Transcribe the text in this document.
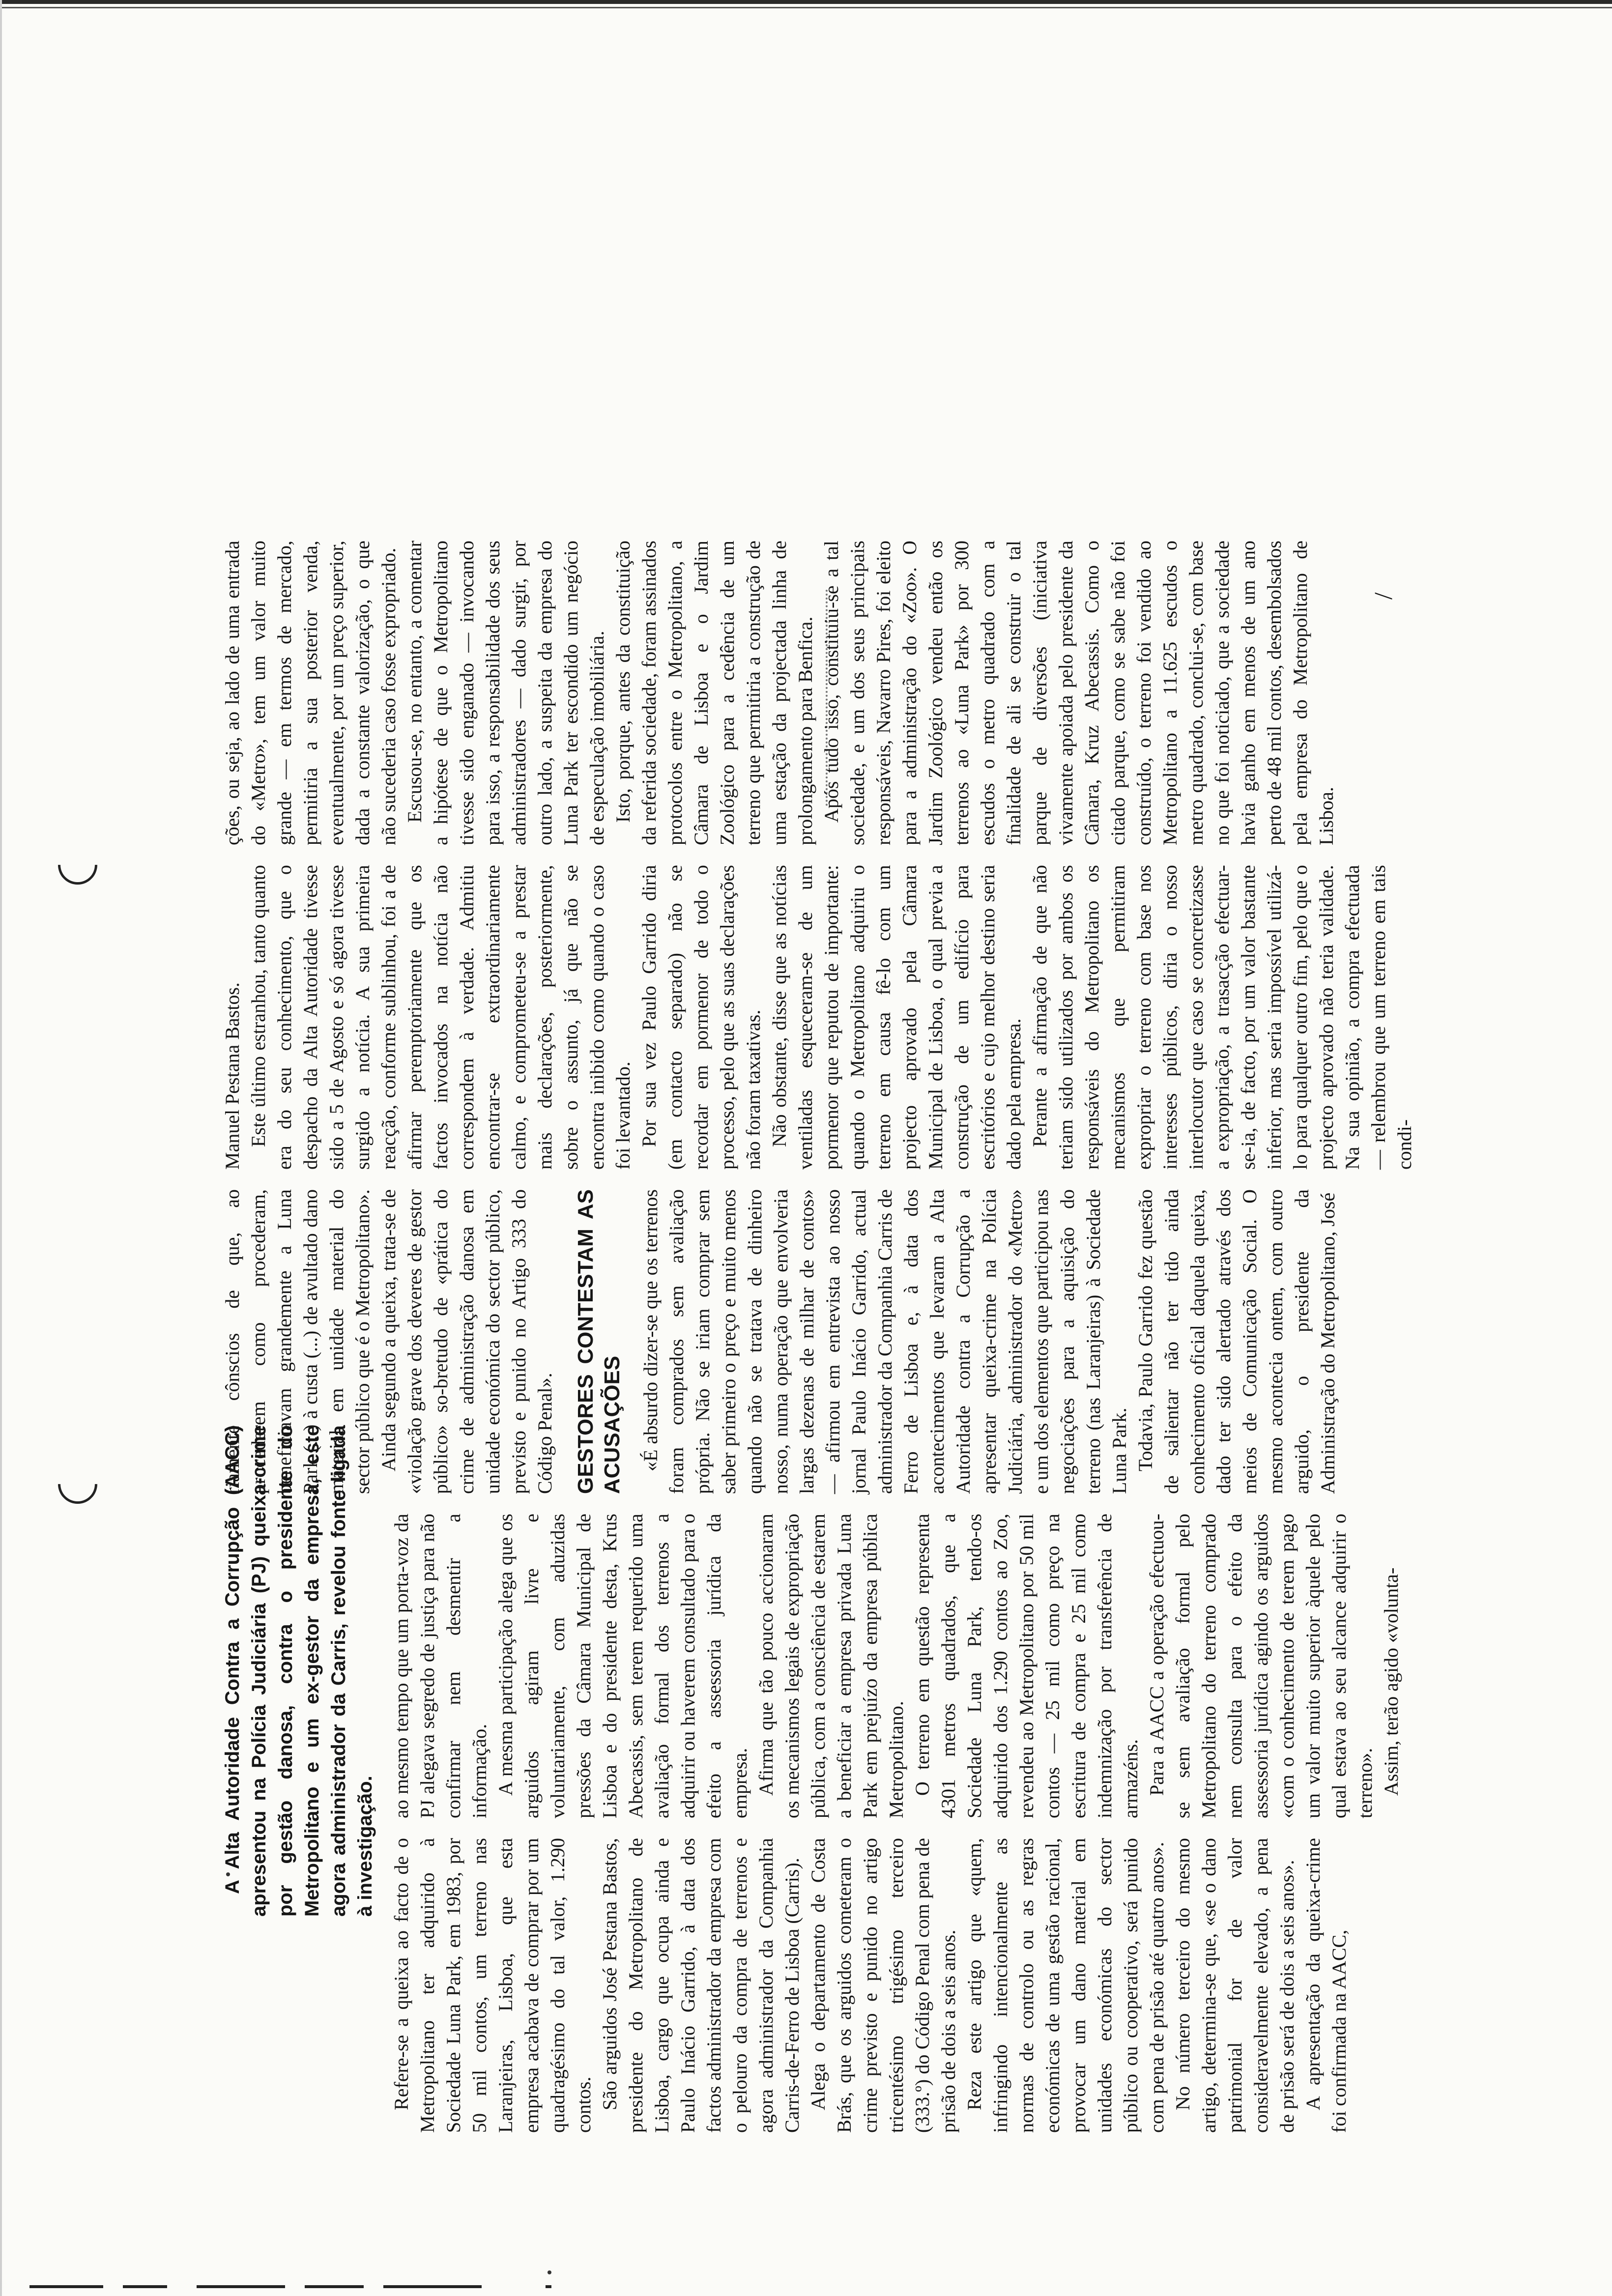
A Alta Autoridade Contra a Corrupção (AACC) apresentou na Polícia Judiciária (PJ) queixa-crime por gestão danosa, contra o presidente do Metropolitano e um ex-gestor da empresa, este agora administrador da Carris, revelou fonte ligada à investigação. Refere-se a queixa ao facto de o Metropolitano ter adquirido à Sociedade Luna Park, em 1983, por 50 mil contos, um terreno nas Laranjeiras, Lisboa, que esta empresa acabava de comprar por um quadragésimo do tal valor, 1.290 contos. São arguidos José Pestana Bastos, presidente do Metropolitano de Lisboa, cargo que ocupa ainda e Paulo Inácio Garrido, à data dos factos administrador da empresa com o pelouro da compra de terrenos e agora administrador da Companhia Carris-de-Ferro de Lisboa (Carris). Alega o departamento de Costa Brás, que os arguidos cometeram o crime previsto e punido no artigo tricentésimo trigésimo terceiro (333.º) do Código Penal com pena de prisão de dois a seis anos. Reza este artigo que «quem, infringindo intencionalmente as normas de controlo ou as regras económicas de uma gestão racional, provocar um dano material em unidades económicas do sector público ou cooperativo, será punido com pena de prisão até quatro anos». No número terceiro do mesmo artigo, determina-se que, «se o dano patrimonial for de valor consideravelmente elevado, a pena de prisão será de dois a seis anos». A apresentação da queixa-crime foi confirmada na AACC,

ao mesmo tempo que um porta-voz da PJ alegava segredo de justiça para não confirmar nem desmentir a informação. A mesma participação alega que os arguidos agiram livre e voluntariamente, com aduzidas pressões da Câmara Municipal de Lisboa e do presidente desta, Krus Abecassis, sem terem requerido uma avaliação formal dos terrenos a adquirir ou haverem consultado para o efeito a assessoria jurídica da empresa. Afirma que tão pouco accionaram os mecanismos legais de expropriação pública, com a consciência de estarem a beneficiar a empresa privada Luna Park em prejuízo da empresa pública Metropolitano. O terreno em questão representa 4301 metros quadrados, que a Sociedade Luna Park, tendo-os adquirido dos 1.290 contos ao Zoo, revendeu ao Metropolitano por 50 mil contos — 25 mil como preço na escritura de compra e 25 mil como indemnização por transferência de armazéns. Para a AACC a operação efectuou-se sem avaliação formal pelo Metropolitano do terreno comprado nem consulta para o efeito da assessoria jurídica agindo os arguidos «com o conhecimento de terem pago um valor muito superior àquele pelo qual estava ao seu alcance adquirir o terreno». Assim, terão agido «volunta-

riamente cônscios de que, ao procederem como procederam, beneficiavam grandemente a Luna Park (...) à custa (...) de avultado dano material em unidade material do sector público que é o Metropolitano». Ainda segundo a queixa, trata-se de «violação grave dos deveres de gestor público» so-bretudo de «prática do crime de administração danosa em unidade económica do sector público, previsto e punido no Artigo 333 do Código Penal». GESTORES CONTESTAM AS ACUSAÇÕES «É absurdo dizer-se que os terrenos foram comprados sem avaliação própria. Não se iriam comprar sem saber primeiro o preço e muito menos quando não se tratava de dinheiro nosso, numa operação que envolveria largas dezenas de milhar de contos» — afirmou em entrevista ao nosso jornal Paulo Inácio Garrido, actual administrador da Companhia Carris de Ferro de Lisboa e, à data dos acontecimentos que levaram a Alta Autoridade contra a Corrupção a apresentar queixa-crime na Polícia Judiciária, administrador do «Metro» e um dos elementos que participou nas negociações para a aquisição do terreno (nas Laranjeiras) à Sociedade Luna Park. Todavia, Paulo Garrido fez questão de salientar não ter tido ainda conhecimento oficial daquela queixa, dado ter sido alertado através dos meios de Comunicação Social. O mesmo acontecia ontem, com outro arguido, o presidente da Administração do Metropolitano, José

Manuel Pestana Bastos. Este último estranhou, tanto quanto era do seu conhecimento, que o despacho da Alta Autoridade tivesse sido a 5 de Agosto e só agora tivesse surgido a notícia. A sua primeira reacção, conforme sublinhou, foi a de afirmar peremptoriamente que os factos invocados na notícia não correspondem à verdade. Admitiu encontrar-se extraordinariamente calmo, e comprometeu-se a prestar mais declarações, posteriormente, sobre o assunto, já que não se encontra inibido como quando o caso foi levantado. Por sua vez Paulo Garrido diria (em contacto separado) não se recordar em pormenor de todo o processo, pelo que as suas declarações não foram taxativas. Não obstante, disse que as notícias ventiladas esqueceram-se de um pormenor que reputou de importante: quando o Metropolitano adquiriu o terreno em causa fê-lo com um projecto aprovado pela Câmara Municipal de Lisboa, o qual previa a construção de um edifício para escritórios e cujo melhor destino seria dado pela empresa. Perante a afirmação de que não teriam sido utilizados por ambos os responsáveis do Metropolitano os mecanismos que permitiram expropriar o terreno com base nos interesses públicos, diria o nosso interlocutor que caso se concretizasse a expropriação, a trasacção efectuar-se-ia, de facto, por um valor bastante inferior, mas seria impossível utilizá-lo para qualquer outro fim, pelo que o projecto aprovado não teria validade. Na sua opinião, a compra efectuada — relembrou que um terreno em tais condi-

ções, ou seja, ao lado de uma entrada do «Metro», tem um valor muito grande — em termos de mercado, permitiria a sua posterior venda, eventualmente, por um preço superior, dada a constante valorização, o que não sucederia caso fosse expropriado. Escusou-se, no entanto, a comentar a hipótese de que o Metropolitano tivesse sido enganado — invocando para isso, a responsabilidade dos seus administradores — dado surgir, por outro lado, a suspeita da empresa do Luna Park ter escondido um negócio de especulação imobiliária. Isto, porque, antes da constituição da referida sociedade, foram assinados protocolos entre o Metropolitano, a Câmara de Lisboa e o Jardim Zoológico para a cedência de um terreno que permitiria a construção de uma estação da projectada linha de prolongamento para Benfica. Após tudo isso, constituiu-se a tal sociedade, e um dos seus principais responsáveis, Navarro Pires, foi eleito para a administração do «Zoo». O Jardim Zoológico vendeu então os terrenos ao «Luna Park» por 300 escudos o metro quadrado com a finalidade de ali se construir o tal parque de diversões (iniciativa vivamente apoiada pelo presidente da Câmara, Kruz Abecassis. Como o citado parque, como se sabe não foi construído, o terreno foi vendido ao Metropolitano a 11.625 escudos o metro quadrado, conclui-se, com base no que foi noticiado, que a sociedade havia ganho em menos de um ano perto de 48 mil contos, desembolsados pela empresa do Metropolitano de Lisboa.

/
